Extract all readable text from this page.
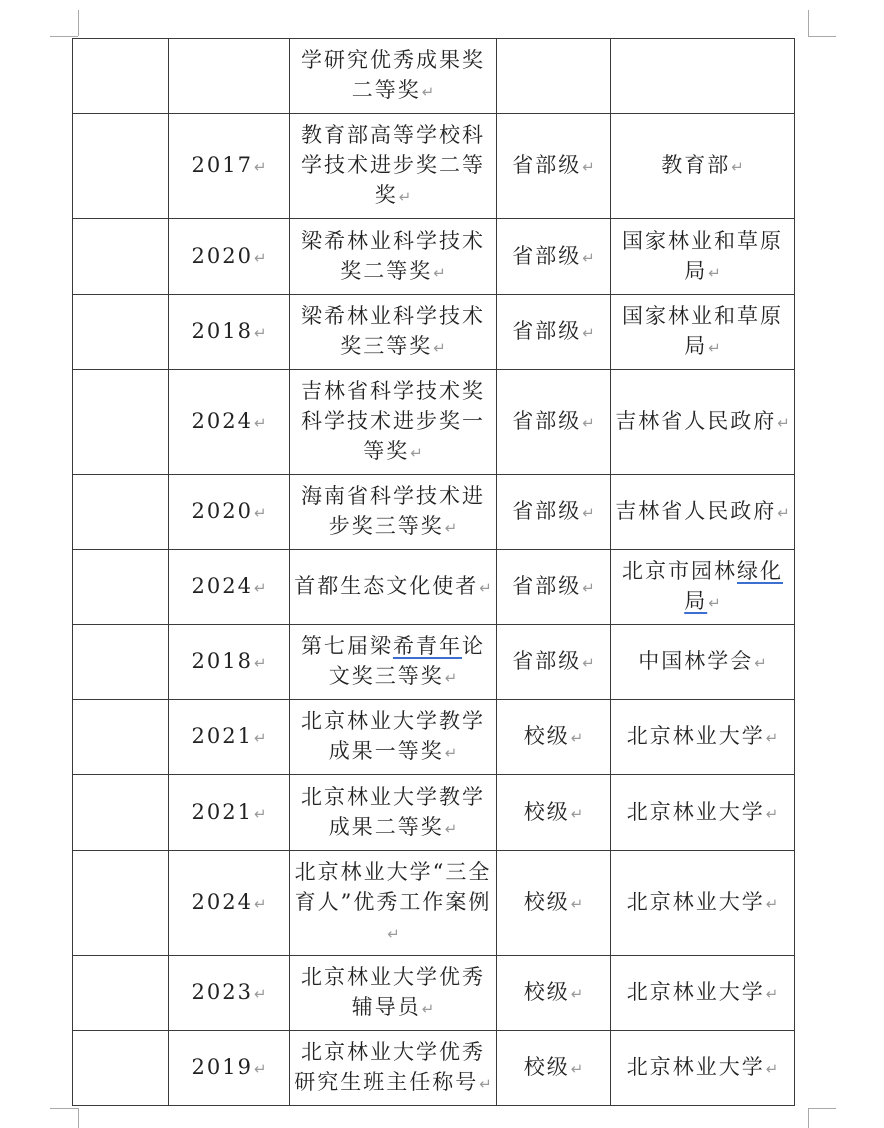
		学研究优秀成果奖二等奖↵		
	2017↵	教育部高等学校科学技术进步奖二等奖↵	省部级↵	教育部↵
	2020↵	梁希林业科学技术奖二等奖↵	省部级↵	国家林业和草原局↵
	2018↵	梁希林业科学技术奖三等奖↵	省部级↵	国家林业和草原局↵
	2024↵	吉林省科学技术奖科学技术进步奖一等奖↵	省部级↵	吉林省人民政府↵
	2020↵	海南省科学技术进步奖三等奖↵	省部级↵	吉林省人民政府↵
	2024↵	首都生态文化使者↵	省部级↵	北京市园林绿化局↵
	2018↵	第七届梁希青年论文奖三等奖↵	省部级↵	中国林学会↵
	2021↵	北京林业大学教学成果一等奖↵	校级↵	北京林业大学↵
	2021↵	北京林业大学教学成果二等奖↵	校级↵	北京林业大学↵
	2024↵	北京林业大学“三全育人”优秀工作案例↵	校级↵	北京林业大学↵
	2023↵	北京林业大学优秀辅导员↵	校级↵	北京林业大学↵
	2019↵	北京林业大学优秀研究生班主任称号↵	校级↵	北京林业大学↵
